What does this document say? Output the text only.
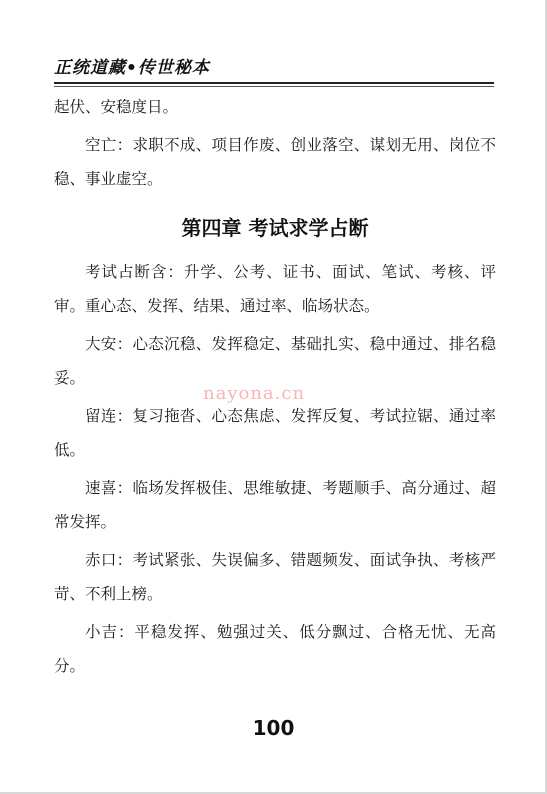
正统道藏•传世秘本

起伏、安稳度日。

空亡：求职不成、项目作废、创业落空、谋划无用、岗位不稳、事业虚空。

第四章 考试求学占断

考试占断含：升学、公考、证书、面试、笔试、考核、评审。重心态、发挥、结果、通过率、临场状态。

大安：心态沉稳、发挥稳定、基础扎实、稳中通过、排名稳妥。

留连：复习拖沓、心态焦虑、发挥反复、考试拉锯、通过率低。

速喜：临场发挥极佳、思维敏捷、考题顺手、高分通过、超常发挥。

赤口：考试紧张、失误偏多、错题频发、面试争执、考核严苛、不利上榜。

小吉：平稳发挥、勉强过关、低分飘过、合格无忧、无高分。

nayona.cn
100
